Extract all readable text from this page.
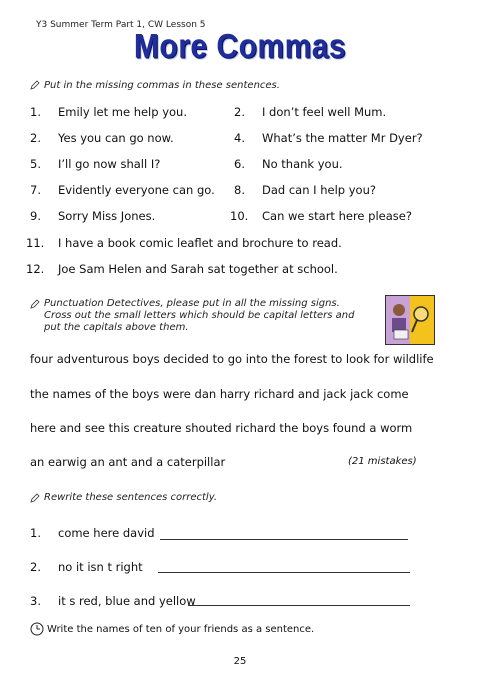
Y3 Summer Term Part 1, CW Lesson 5
More Commas
Put in the missing commas in these sentences.
1. Emily let me help you.	2. I don’t feel well Mum.
2. Yes you can go now.	4. What’s the matter Mr Dyer?
5. I’ll go now shall I?	6. No thank you.
7. Evidently everyone can go. 8. Dad can I help you?
9. Sorry Miss Jones.	10. Can we start here please?
11. I have a book comic leaflet and brochure to read.
12. Joe Sam Helen and Sarah sat together at school.
Punctuation Detectives, please put in all the missing signs.
Cross out the small letters which should be capital letters and
put the capitals above them.
four adventurous boys decided to go into the forest to look for wildlife
the names of the boys were dan harry richard and jack jack come
here and see this creature shouted richard the boys found a worm
an earwig an ant and a caterpillar	(21 mistakes)
Rewrite these sentences correctly.
1. come here david
2. no it isn t right
3. it s red, blue and yellow
Write the names of ten of your friends as a sentence.
25
